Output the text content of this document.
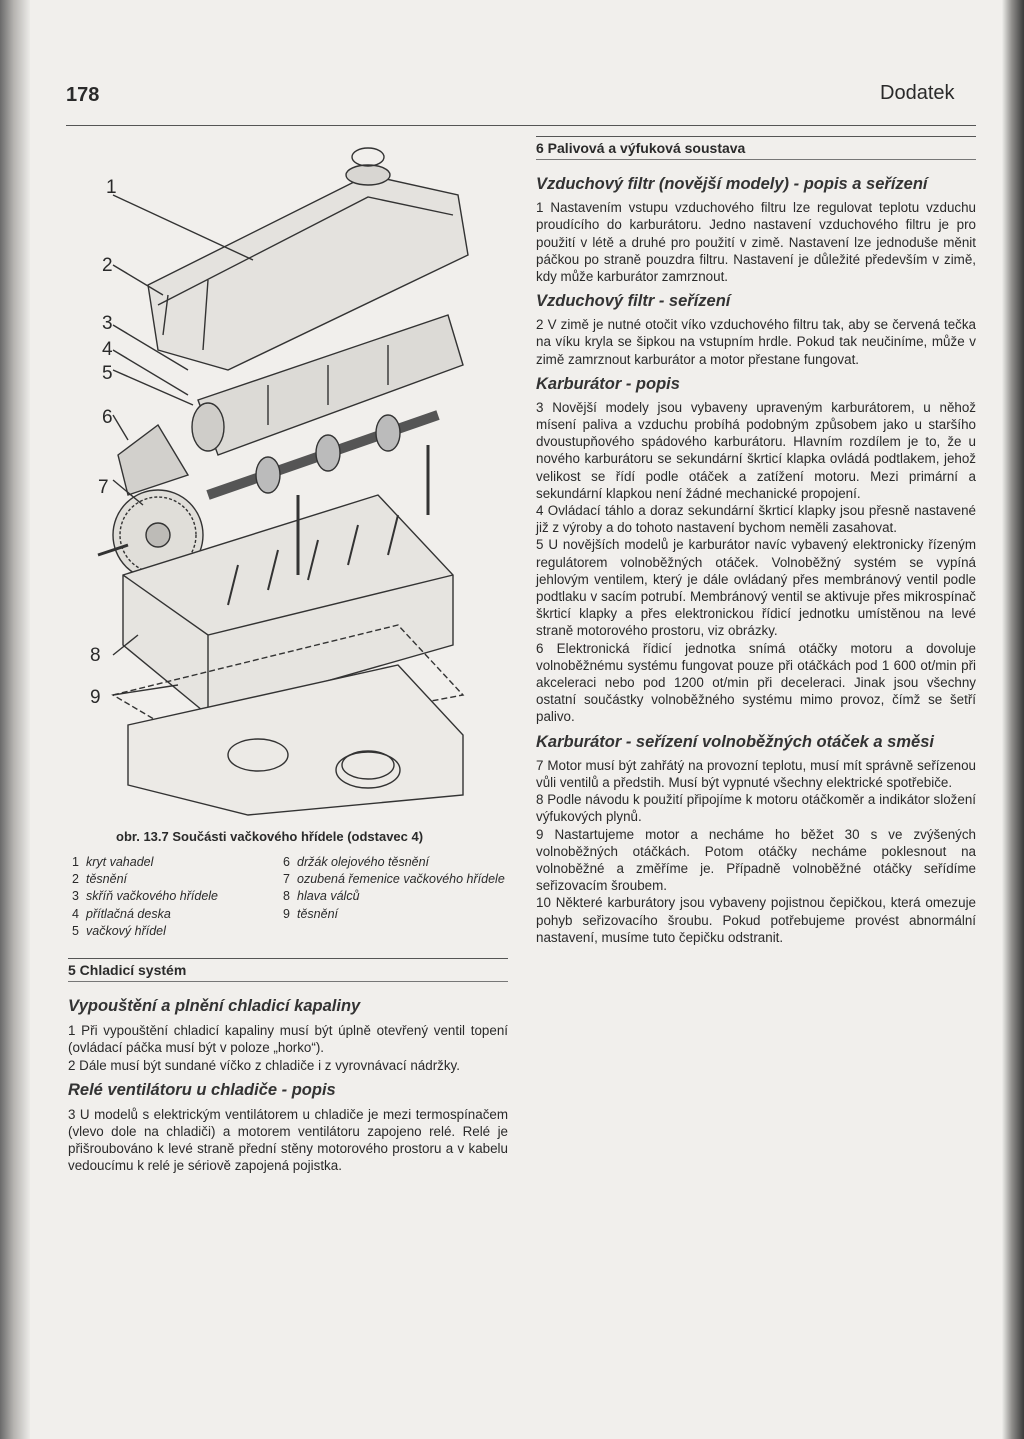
178	Dodatek
1
2
3
4
5
6
7
8
9
obr. 13.7 Součásti vačkového hřídele (odstavec 4)
1 kryt vahadel
2 těsnění
3 skříň vačkového hřídele
4 přítlačná deska
5 vačkový hřídel
6 držák olejového těsnění
7 ozubená řemenice vačkového hřídele
8 hlava válců
9 těsnění
5 Chladicí systém
Vypouštění a plnění chladicí kapaliny

1 Při vypouštění chladicí kapaliny musí být úplně otevřený ventil topení (ovládací páčka musí být v poloze „horko“).

2 Dále musí být sundané víčko z chladiče i z vyrovnávací nádržky.

Relé ventilátoru u chladiče - popis

3 U modelů s elektrickým ventilátorem u chladiče je mezi termospínačem (vlevo dole na chladiči) a motorem ventilátoru zapojeno relé. Relé je přišroubováno k levé straně přední stěny motorového prostoru a v kabelu vedoucímu k relé je sériově zapojená pojistka.

6 Palivová a výfuková soustava
Vzduchový filtr (novější modely) - popis a seřízení

1 Nastavením vstupu vzduchového filtru lze regulovat teplotu vzduchu proudícího do karburátoru. Jedno nastavení vzduchového filtru je pro použití v létě a druhé pro použití v zimě. Nastavení lze jednoduše měnit páčkou po straně pouzdra filtru. Nastavení je důležité především v zimě, kdy může karburátor zamrznout.

Vzduchový filtr - seřízení

2 V zimě je nutné otočit víko vzduchového filtru tak, aby se červená tečka na víku kryla se šipkou na vstupním hrdle. Pokud tak neučiníme, může v zimě zamrznout karburátor a motor přestane fungovat.

Karburátor - popis

3 Novější modely jsou vybaveny upraveným karburátorem, u něhož mísení paliva a vzduchu probíhá podobným způsobem jako u staršího dvoustupňového spádového karburátoru. Hlavním rozdílem je to, že u nového karburátoru se sekundární škrticí klapka ovládá podtlakem, jehož velikost se řídí podle otáček a zatížení motoru. Mezi primární a sekundární klapkou není žádné mechanické propojení.

4 Ovládací táhlo a doraz sekundární škrticí klapky jsou přesně nastavené již z výroby a do tohoto nastavení bychom neměli zasahovat.

5 U novějších modelů je karburátor navíc vybavený elektronicky řízeným regulátorem volnoběžných otáček. Volnoběžný systém se vypíná jehlovým ventilem, který je dále ovládaný přes membránový ventil podle podtlaku v sacím potrubí. Membránový ventil se aktivuje přes mikrospínač škrticí klapky a přes elektronickou řídicí jednotku umístěnou na levé straně motorového prostoru, viz obrázky.

6 Elektronická řídicí jednotka snímá otáčky motoru a dovoluje volnoběžnému systému fungovat pouze při otáčkách pod 1 600 ot/min při akceleraci nebo pod 1200 ot/min při deceleraci. Jinak jsou všechny ostatní součástky volnoběžného systému mimo provoz, čímž se šetří palivo.

Karburátor - seřízení volnoběžných otáček a směsi

7 Motor musí být zahřátý na provozní teplotu, musí mít správně seřízenou vůli ventilů a předstih. Musí být vypnuté všechny elektrické spotřebiče.

8 Podle návodu k použití připojíme k motoru otáčkoměr a indikátor složení výfukových plynů.

9 Nastartujeme motor a necháme ho běžet 30 s ve zvýšených volnoběžných otáčkách. Potom otáčky necháme poklesnout na volnoběžné a změříme je. Případně volnoběžné otáčky seřídíme seřizovacím šroubem.

10 Některé karburátory jsou vybaveny pojistnou čepičkou, která omezuje pohyb seřizovacího šroubu. Pokud potřebujeme provést abnormální nastavení, musíme tuto čepičku odstranit.
